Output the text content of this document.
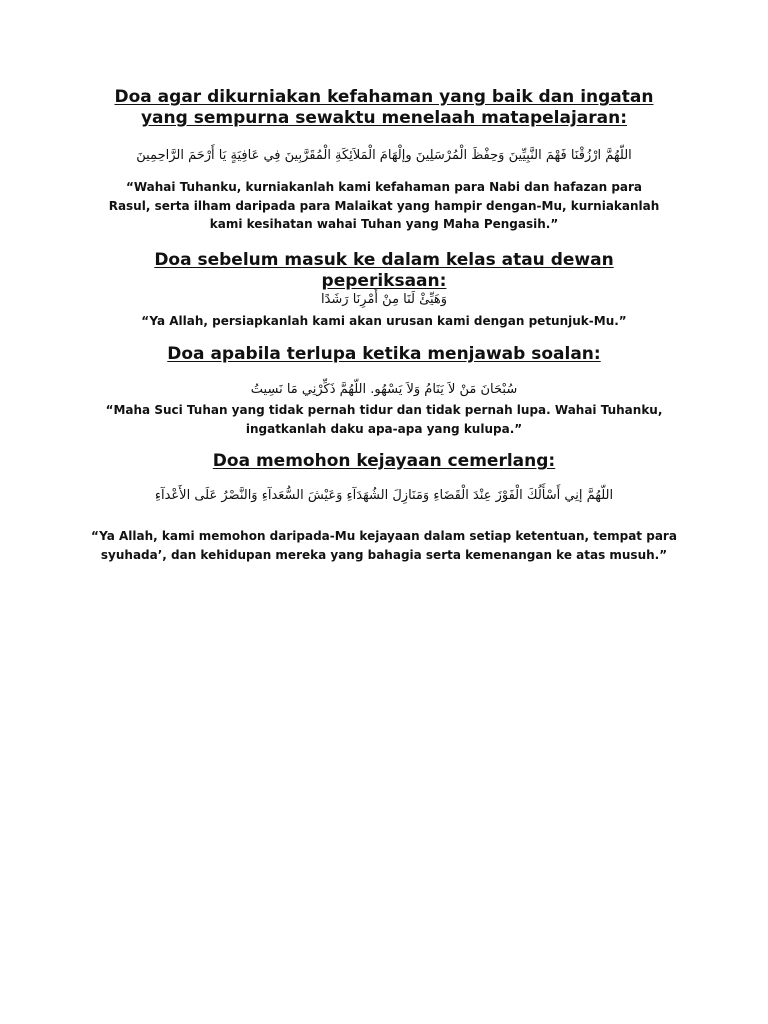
Doa agar dikurniakan kefahaman yang baik dan ingatan yang sempurna sewaktu menelaah matapelajaran:
اللّهُمَّ ارْزُقْنَا فَهْمَ النَّبِيِّينَ وَحِفْظَ الْمُرْسَلِينَ وإلْهَامَ الْمَلاَئِكَةِ الْمُقَرَّبِينَ فِي عَافِيَةٍ يَا أَرْحَمَ الرَّاحِمِينَ
“Wahai Tuhanku, kurniakanlah kami kefahaman para Nabi dan hafazan para Rasul, serta ilham daripada para Malaikat yang hampir dengan-Mu, kurniakanlah kami kesihatan wahai Tuhan yang Maha Pengasih.”
Doa sebelum masuk ke dalam kelas atau dewan peperiksaan:
وَهَيِّئْ لَنَا مِنْ أَمْرِنَا رَشَدًا
“Ya Allah, persiapkanlah kami akan urusan kami dengan petunjuk-Mu.”
Doa apabila terlupa ketika menjawab soalan:
سُبْحَانَ مَنْ لاَ يَنَامُ وَلاَ يَسْهُو. اللّهُمَّ ذَكِّرْنِي مَا نَسِيتُ
“Maha Suci Tuhan yang tidak pernah tidur dan tidak pernah lupa. Wahai Tuhanku, ingatkanlah daku apa-apa yang kulupa.”
Doa memohon kejayaan cemerlang:
اللّهُمَّ إنِي أَسْأَلُكَ الْفَوْزَ عِنْدَ الْقَضَاءِ وَمَنَازِلَ الشُهَدَآءِ وَعَيْشَ السُّعَدآءِ وَالنَّصْرُ عَلَى الأَعْدآءِ
“Ya Allah, kami memohon daripada-Mu kejayaan dalam setiap ketentuan, tempat para syuhada’, dan kehidupan mereka yang bahagia serta kemenangan ke atas musuh.”
